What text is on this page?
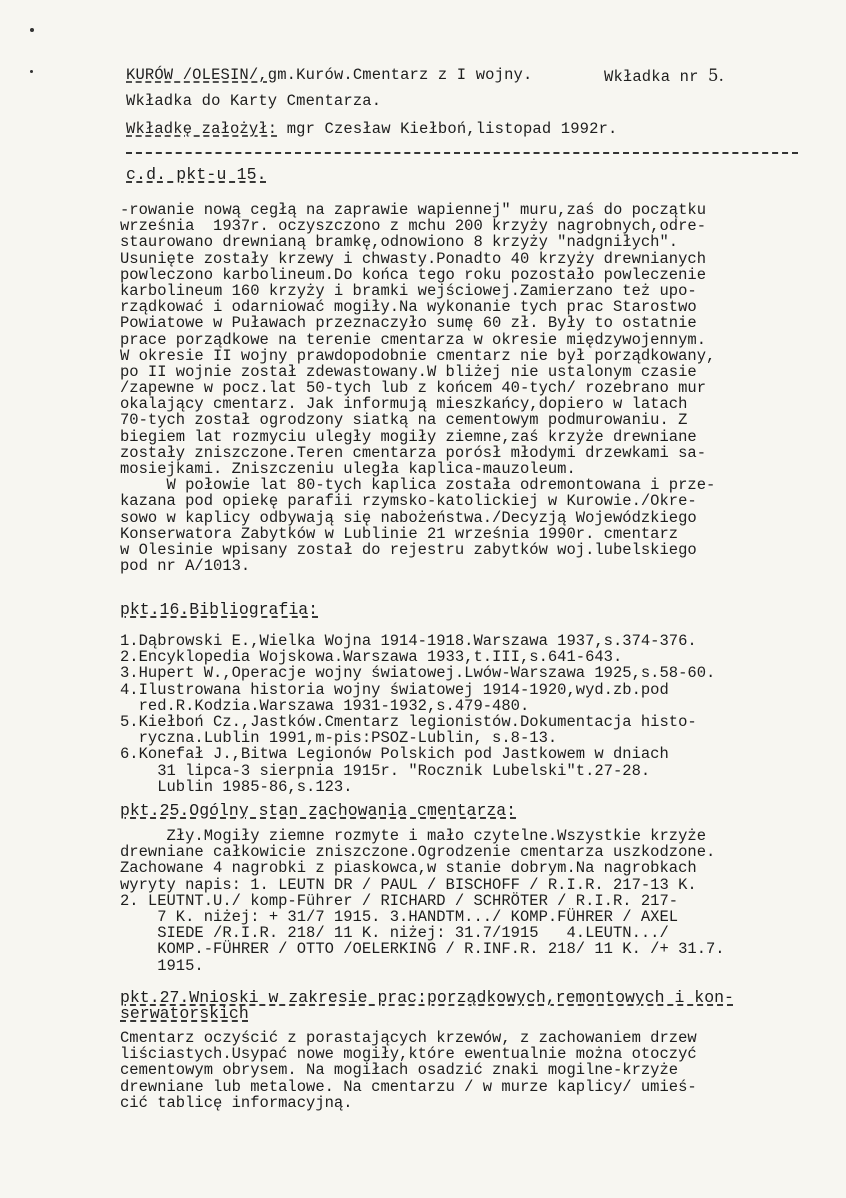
KURÓW /OLESIN/,gm.Kurów.Cmentarz z I wojny.	Wkładka nr 5.
Wkładka do Karty Cmentarza.
Wkładkę założył: mgr Czesław Kiełboń,listopad 1992r.
c.d. pkt-u 15.
-rowanie nową cegłą na zaprawie wapiennej" muru,zaś do początku
września  1937r. oczyszczono z mchu 200 krzyży nagrobnych,odre-
staurowano drewnianą bramkę,odnowiono 8 krzyży "nadgniłych".
Usunięte zostały krzewy i chwasty.Ponadto 40 krzyży drewnianych
powleczono karbolineum.Do końca tego roku pozostało powleczenie
karbolineum 160 krzyży i bramki wejściowej.Zamierzano też upo-
rządkować i odarniować mogiły.Na wykonanie tych prac Starostwo
Powiatowe w Puławach przeznaczyło sumę 60 zł. Były to ostatnie
prace porządkowe na terenie cmentarza w okresie międzywojennym.
W okresie II wojny prawdopodobnie cmentarz nie był porządkowany,
po II wojnie został zdewastowany.W bliżej nie ustalonym czasie
/zapewne w pocz.lat 50-tych lub z końcem 40-tych/ rozebrano mur
okalający cmentarz. Jak informują mieszkańcy,dopiero w latach
70-tych został ogrodzony siatką na cementowym podmurowaniu. Z
biegiem lat rozmyciu uległy mogiły ziemne,zaś krzyże drewniane
zostały zniszczone.Teren cmentarza porósł młodymi drzewkami sa-
mosiejkami. Zniszczeniu uległa kaplica-mauzoleum.
W połowie lat 80-tych kaplica została odremontowana i prze-
kazana pod opiekę parafii rzymsko-katolickiej w Kurowie./Okre-
sowo w kaplicy odbywają się nabożeństwa./Decyzją Wojewódzkiego
Konserwatora Zabytków w Lublinie 21 września 1990r. cmentarz
w Olesinie wpisany został do rejestru zabytków woj.lubelskiego
pod nr A/1013.
pkt.16.Bibliografia:
1.Dąbrowski E.,Wielka Wojna 1914-1918.Warszawa 1937,s.374-376.
2.Encyklopedia Wojskowa.Warszawa 1933,t.III,s.641-643.
3.Hupert W.,Operacje wojny światowej.Lwów-Warszawa 1925,s.58-60.
4.Ilustrowana historia wojny światowej 1914-1920,wyd.zb.pod
red.R.Kodzia.Warszawa 1931-1932,s.479-480.
5.Kiełboń Cz.,Jastków.Cmentarz legionistów.Dokumentacja histo-
ryczna.Lublin 1991,m-pis:PSOZ-Lublin, s.8-13.
6.Konefał J.,Bitwa Legionów Polskich pod Jastkowem w dniach
31 lipca-3 sierpnia 1915r. "Rocznik Lubelski"t.27-28.
Lublin 1985-86,s.123.
pkt.25.Ogólny stan zachowania cmentarza:
Zły.Mogiły ziemne rozmyte i mało czytelne.Wszystkie krzyże
drewniane całkowicie zniszczone.Ogrodzenie cmentarza uszkodzone.
Zachowane 4 nagrobki z piaskowca,w stanie dobrym.Na nagrobkach
wyryty napis: 1. LEUTN DR / PAUL / BISCHOFF / R.I.R. 217-13 K.
2. LEUTNT.U./ komp-Führer / RICHARD / SCHRÖTER / R.I.R. 217-
7 K. niżej: + 31/7 1915. 3.HANDTM.../ KOMP.FÜHRER / AXEL
SIEDE /R.I.R. 218/ 11 K. niżej: 31.7/1915   4.LEUTN.../
KOMP.-FÜHRER / OTTO /OELERKING / R.INF.R. 218/ 11 K. /+ 31.7.
1915.
pkt.27.Wnioski w zakresie prac:porządkowych,remontowych i kon-
serwatorskich
Cmentarz oczyścić z porastających krzewów, z zachowaniem drzew
liściastych.Usypać nowe mogiły,które ewentualnie można otoczyć
cementowym obrysem. Na mogiłach osadzić znaki mogilne-krzyże
drewniane lub metalowe. Na cmentarzu / w murze kaplicy/ umieś-
cić tablicę informacyjną.
